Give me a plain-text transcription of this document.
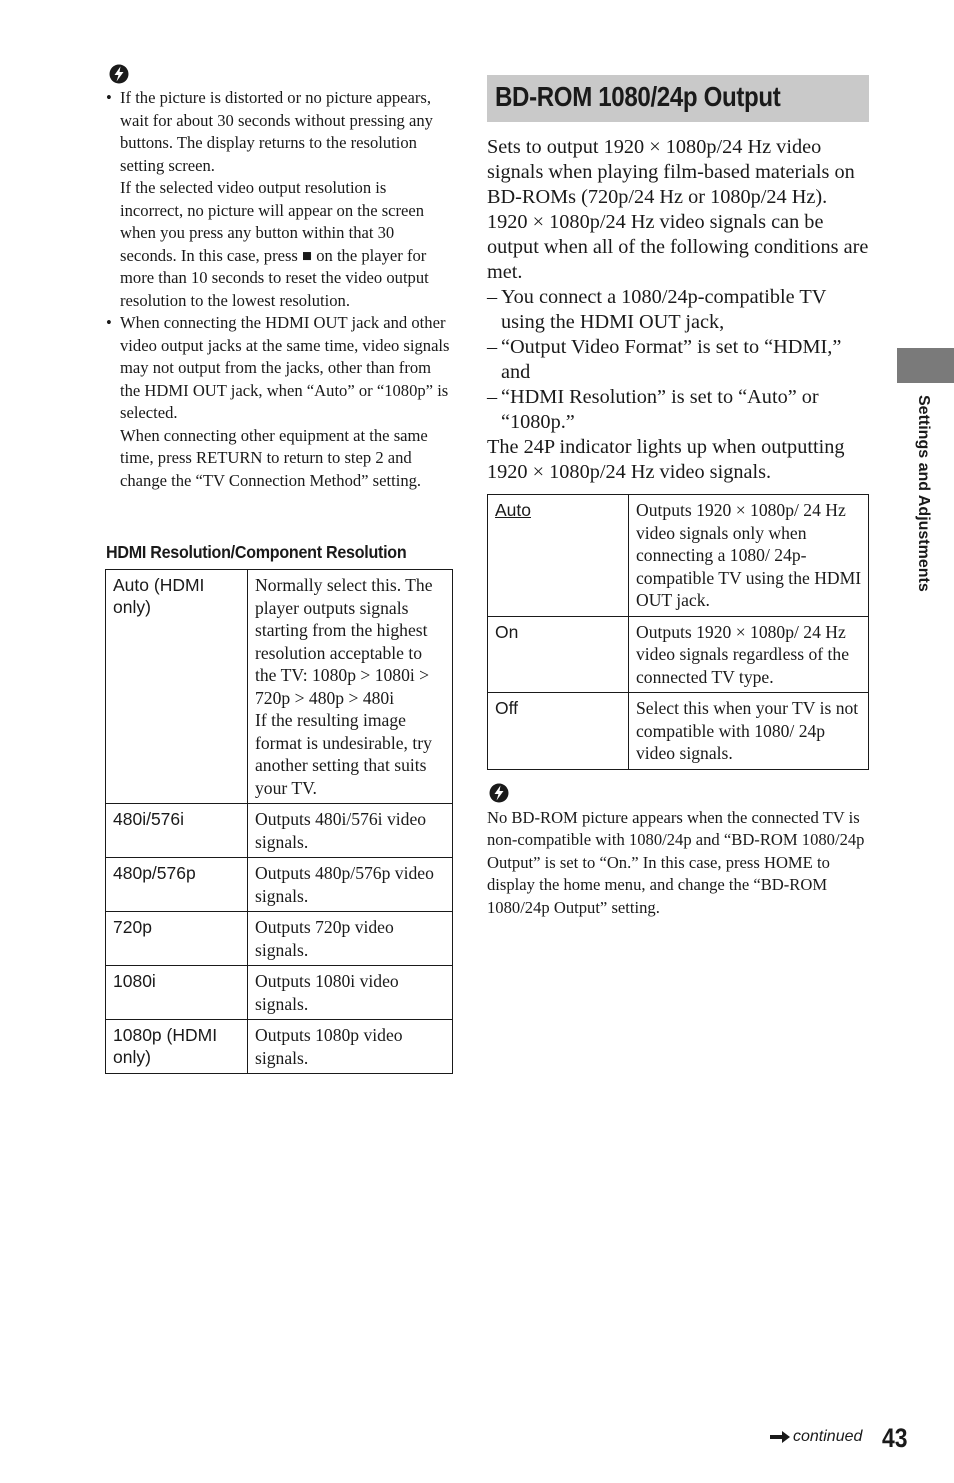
• If the picture is distorted or no picture appears, wait for about 30 seconds without pressing any buttons. The display returns to the resolution setting screen.

If the selected video output resolution is incorrect, no picture will appear on the screen when you press any button within that 30 seconds. In this case, press ■ on the player for more than 10 seconds to reset the video output resolution to the lowest resolution.

• When connecting the HDMI OUT jack and other video output jacks at the same time, video signals may not output from the jacks, other than from the HDMI OUT jack, when “Auto” or “1080p” is selected.

When connecting other equipment at the same time, press RETURN to return to step 2 and change the “TV Connection Method” setting.

HDMI Resolution/Component Resolution
Auto (HDMI only)	Normally select this. The player outputs signals starting from the highest resolution acceptable to the TV: 1080p > 1080i > 720p > 480p > 480i
If the resulting image format is undesirable, try another setting that suits your TV.

480i/576i	Outputs 480i/576i video signals.
480p/576p	Outputs 480p/576p video signals.
720p	Outputs 720p video signals.
1080i	Outputs 1080i video signals.
1080p (HDMI only)	Outputs 1080p video signals.
BD-ROM 1080/24p Output

Sets to output 1920 × 1080p/24 Hz video signals when playing film-based materials on BD-ROMs (720p/24 Hz or 1080p/24 Hz).

1920 × 1080p/24 Hz video signals can be output when all of the following conditions are met.

– You connect a 1080/24p-compatible TV using the HDMI OUT jack,
– “Output Video Format” is set to “HDMI,” and
– “HDMI Resolution” is set to “Auto” or “1080p.”

The 24P indicator lights up when outputting 1920 × 1080p/24 Hz video signals.

Auto	Outputs 1920 × 1080p/ 24 Hz video signals only when connecting a 1080/ 24p-compatible TV using the HDMI OUT jack.
On	Outputs 1920 × 1080p/ 24 Hz video signals regardless of the connected TV type.
Off	Select this when your TV is not compatible with 1080/ 24p video signals.

No BD-ROM picture appears when the connected TV is non-compatible with 1080/24p and “BD-ROM 1080/24p Output” is set to “On.” In this case, press HOME to display the home menu, and change the “BD-ROM 1080/24p Output” setting.

Settings and Adjustments
continued 43
